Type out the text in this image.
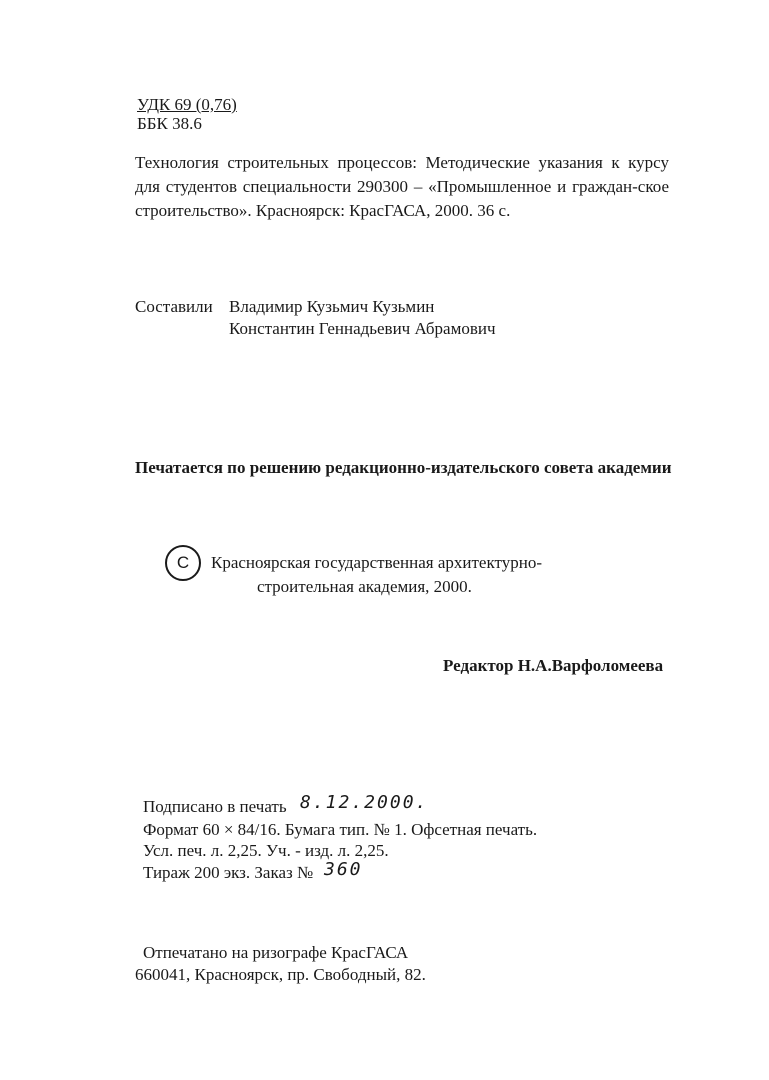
УДК 69 (0,76)
ББК 38.6
Технология строительных процессов: Методические указания к курсу для студентов специальности 290300 – «Промышленное и граждан-ское строительство». Красноярск: КрасГАСА, 2000. 36 с.
Составили Владимир Кузьмич Кузьмин
Константин Геннадьевич Абрамович
Печатается по решению редакционно-издательского совета академии
С	Красноярская государственная архитектурно-
строительная академия, 2000.
Редактор Н.А.Варфоломеева
Подписано в печать 8.12.2000.
Формат 60 × 84/16. Бумага тип. № 1. Офсетная печать.
Усл. печ. л. 2,25. Уч. - изд. л. 2,25.
Тираж 200 экз. Заказ № 360
Отпечатано на ризографе КрасГАСА
660041, Красноярск, пр. Свободный, 82.
